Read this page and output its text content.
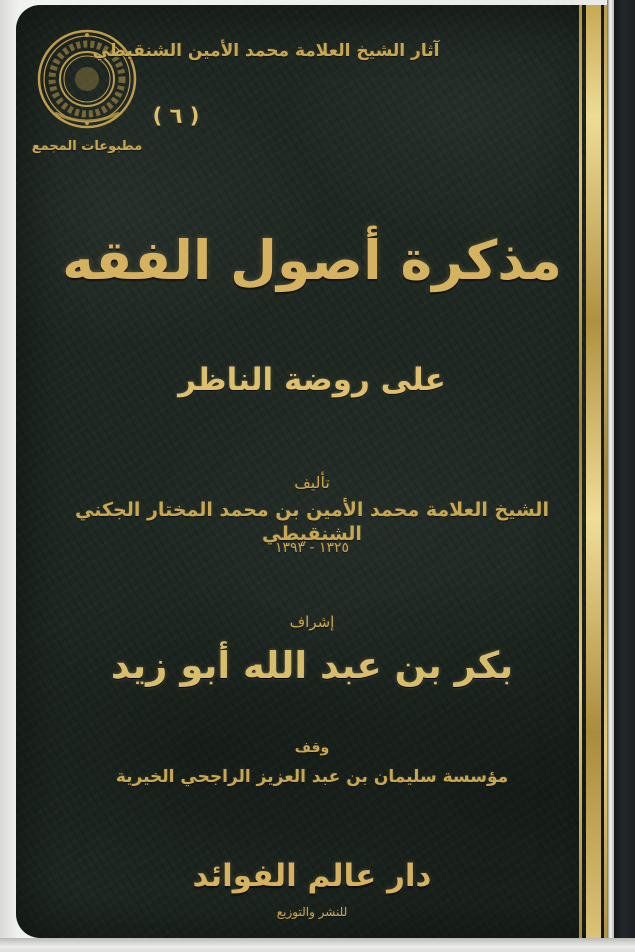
مطبوعات المجمع
آثار الشيخ العلامة محمد الأمين الشنقيطي
( ٦ )
مذكرة أصول الفقه
على روضة الناظر
تأليف
الشيخ العلامة محمد الأمين بن محمد المختار الجكني الشنقيطي
١٣٢٥ - ١٣٩٣
إشراف
بكر بن عبد الله أبو زيد
وقف
مؤسسة سليمان بن عبد العزيز الراجحي الخيرية
دار عالم الفوائد
للنشر والتوزيع
